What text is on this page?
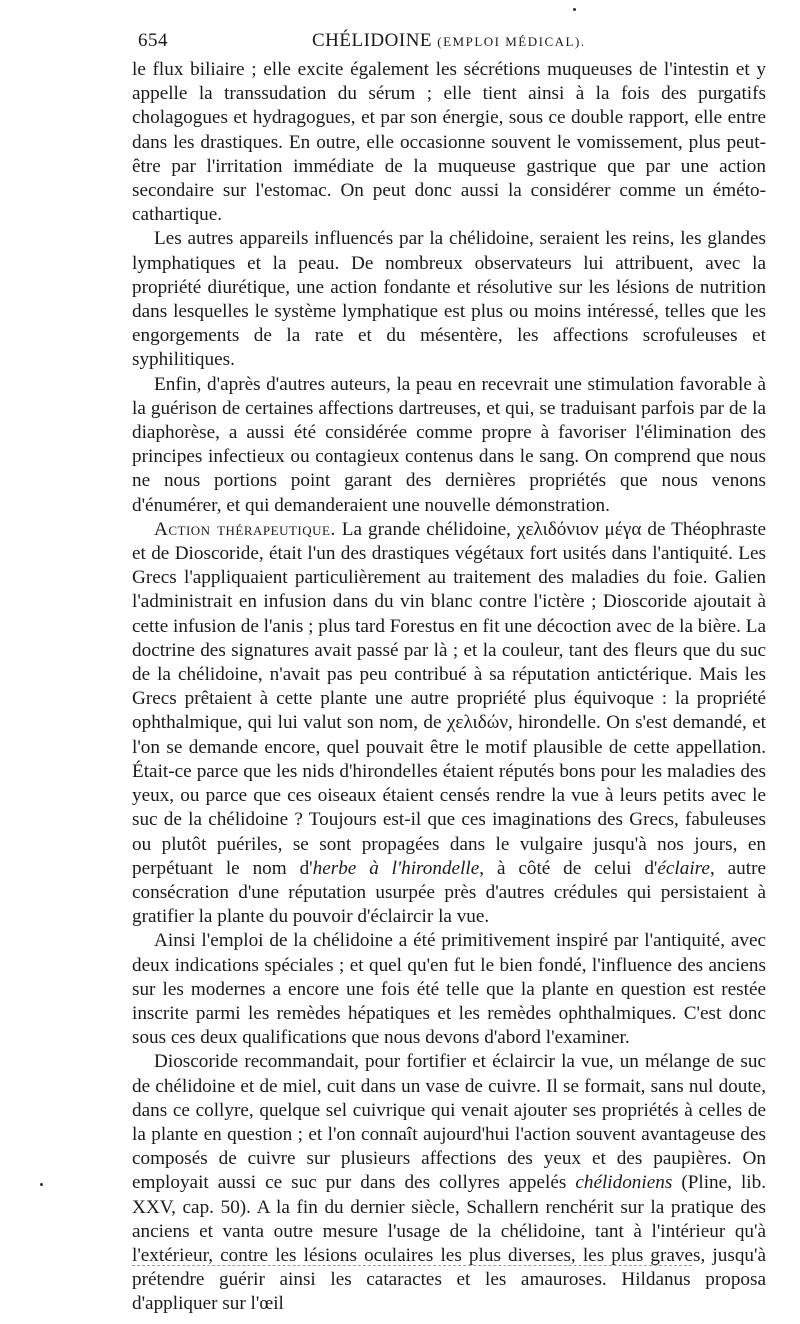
654	CHÉLIDOINE (EMPLOI MÉDICAL).

le flux biliaire ; elle excite également les sécrétions muqueuses de l'intestin et y appelle la transsudation du sérum ; elle tient ainsi à la fois des purgatifs cholagogues et hydragogues, et par son énergie, sous ce double rapport, elle entre dans les drastiques. En outre, elle occasionne souvent le vomissement, plus peut-être par l'irritation immédiate de la muqueuse gastrique que par une action secondaire sur l'estomac. On peut donc aussi la considérer comme un éméto-cathartique.

Les autres appareils influencés par la chélidoine, seraient les reins, les glandes lymphatiques et la peau. De nombreux observateurs lui attribuent, avec la propriété diurétique, une action fondante et résolutive sur les lésions de nutrition dans lesquelles le système lymphatique est plus ou moins intéressé, telles que les engorgements de la rate et du mésentère, les affections scrofuleuses et syphilitiques.

Enfin, d'après d'autres auteurs, la peau en recevrait une stimulation favorable à la guérison de certaines affections dartreuses, et qui, se traduisant parfois par de la diaphorèse, a aussi été considérée comme propre à favoriser l'élimination des principes infectieux ou contagieux contenus dans le sang. On comprend que nous ne nous portions point garant des dernières propriétés que nous venons d'énumérer, et qui demanderaient une nouvelle démonstration.

Action thérapeutique. La grande chélidoine, χελιδόνιον μέγα de Théophraste et de Dioscoride, était l'un des drastiques végétaux fort usités dans l'antiquité. Les Grecs l'appliquaient particulièrement au traitement des maladies du foie. Galien l'administrait en infusion dans du vin blanc contre l'ictère ; Dioscoride ajoutait à cette infusion de l'anis ; plus tard Forestus en fit une décoction avec de la bière. La doctrine des signatures avait passé par là ; et la couleur, tant des fleurs que du suc de la chélidoine, n'avait pas peu contribué à sa réputation antictérique. Mais les Grecs prêtaient à cette plante une autre propriété plus équivoque : la propriété ophthalmique, qui lui valut son nom, de χελιδών, hirondelle. On s'est demandé, et l'on se demande encore, quel pouvait être le motif plausible de cette appellation. Était-ce parce que les nids d'hirondelles étaient réputés bons pour les maladies des yeux, ou parce que ces oiseaux étaient censés rendre la vue à leurs petits avec le suc de la chélidoine ? Toujours est-il que ces imaginations des Grecs, fabuleuses ou plutôt puériles, se sont propagées dans le vulgaire jusqu'à nos jours, en perpétuant le nom d'herbe à l'hirondelle, à côté de celui d'éclaire, autre consécration d'une réputation usurpée près d'autres crédules qui persistaient à gratifier la plante du pouvoir d'éclaircir la vue.

Ainsi l'emploi de la chélidoine a été primitivement inspiré par l'antiquité, avec deux indications spéciales ; et quel qu'en fut le bien fondé, l'influence des anciens sur les modernes a encore une fois été telle que la plante en question est restée inscrite parmi les remèdes hépatiques et les remèdes ophthalmiques. C'est donc sous ces deux qualifications que nous devons d'abord l'examiner.

Dioscoride recommandait, pour fortifier et éclaircir la vue, un mélange de suc de chélidoine et de miel, cuit dans un vase de cuivre. Il se formait, sans nul doute, dans ce collyre, quelque sel cuivrique qui venait ajouter ses propriétés à celles de la plante en question ; et l'on connaît aujourd'hui l'action souvent avantageuse des composés de cuivre sur plusieurs affections des yeux et des paupières. On employait aussi ce suc pur dans des collyres appelés chélidoniens (Pline, lib. XXV, cap. 50). A la fin du dernier siècle, Schallern renchérit sur la pratique des anciens et vanta outre mesure l'usage de la chélidoine, tant à l'intérieur qu'à l'extérieur, contre les lésions oculaires les plus diverses, les plus graves, jusqu'à prétendre guérir ainsi les cataractes et les amauroses. Hildanus proposa d'appliquer sur l'œil
